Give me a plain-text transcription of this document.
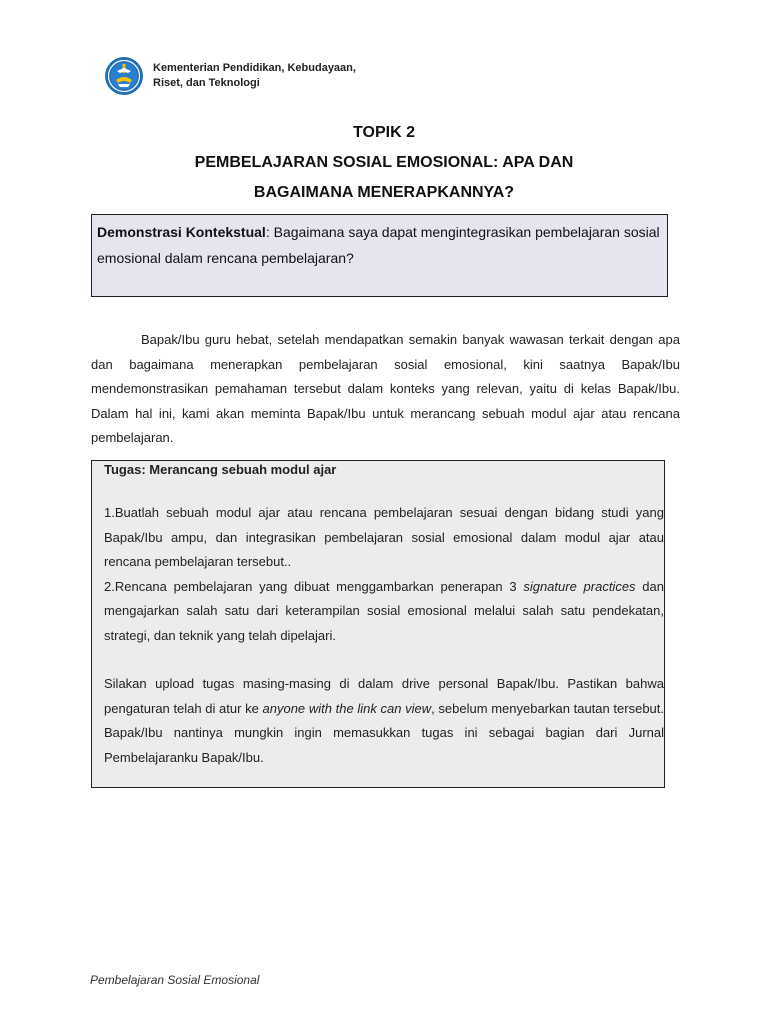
Kementerian Pendidikan, Kebudayaan,
Riset, dan Teknologi
TOPIK 2
PEMBELAJARAN SOSIAL EMOSIONAL: APA DAN
BAGAIMANA MENERAPKANNYA?
Demonstrasi Kontekstual: Bagaimana saya dapat mengintegrasikan pembelajaran sosial emosional dalam rencana pembelajaran?
Bapak/Ibu guru hebat, setelah mendapatkan semakin banyak wawasan terkait dengan apa dan bagaimana menerapkan pembelajaran sosial emosional, kini saatnya Bapak/Ibu mendemonstrasikan pemahaman tersebut dalam konteks yang relevan, yaitu di kelas Bapak/Ibu. Dalam hal ini, kami akan meminta Bapak/Ibu untuk merancang sebuah modul ajar atau rencana pembelajaran.
Tugas: Merancang sebuah modul ajar

1.Buatlah sebuah modul ajar atau rencana pembelajaran sesuai dengan bidang studi yang Bapak/Ibu ampu, dan integrasikan pembelajaran sosial emosional dalam modul ajar atau rencana pembelajaran tersebut..

2.Rencana pembelajaran yang dibuat menggambarkan penerapan 3 signature practices dan mengajarkan salah satu dari keterampilan sosial emosional melalui salah satu pendekatan, strategi, dan teknik yang telah dipelajari.

Silakan upload tugas masing-masing di dalam drive personal Bapak/Ibu. Pastikan bahwa pengaturan telah di atur ke anyone with the link can view, sebelum menyebarkan tautan tersebut. Bapak/Ibu nantinya mungkin ingin memasukkan tugas ini sebagai bagian dari Jurnal Pembelajaranku Bapak/Ibu.

Pembelajaran Sosial Emosional
